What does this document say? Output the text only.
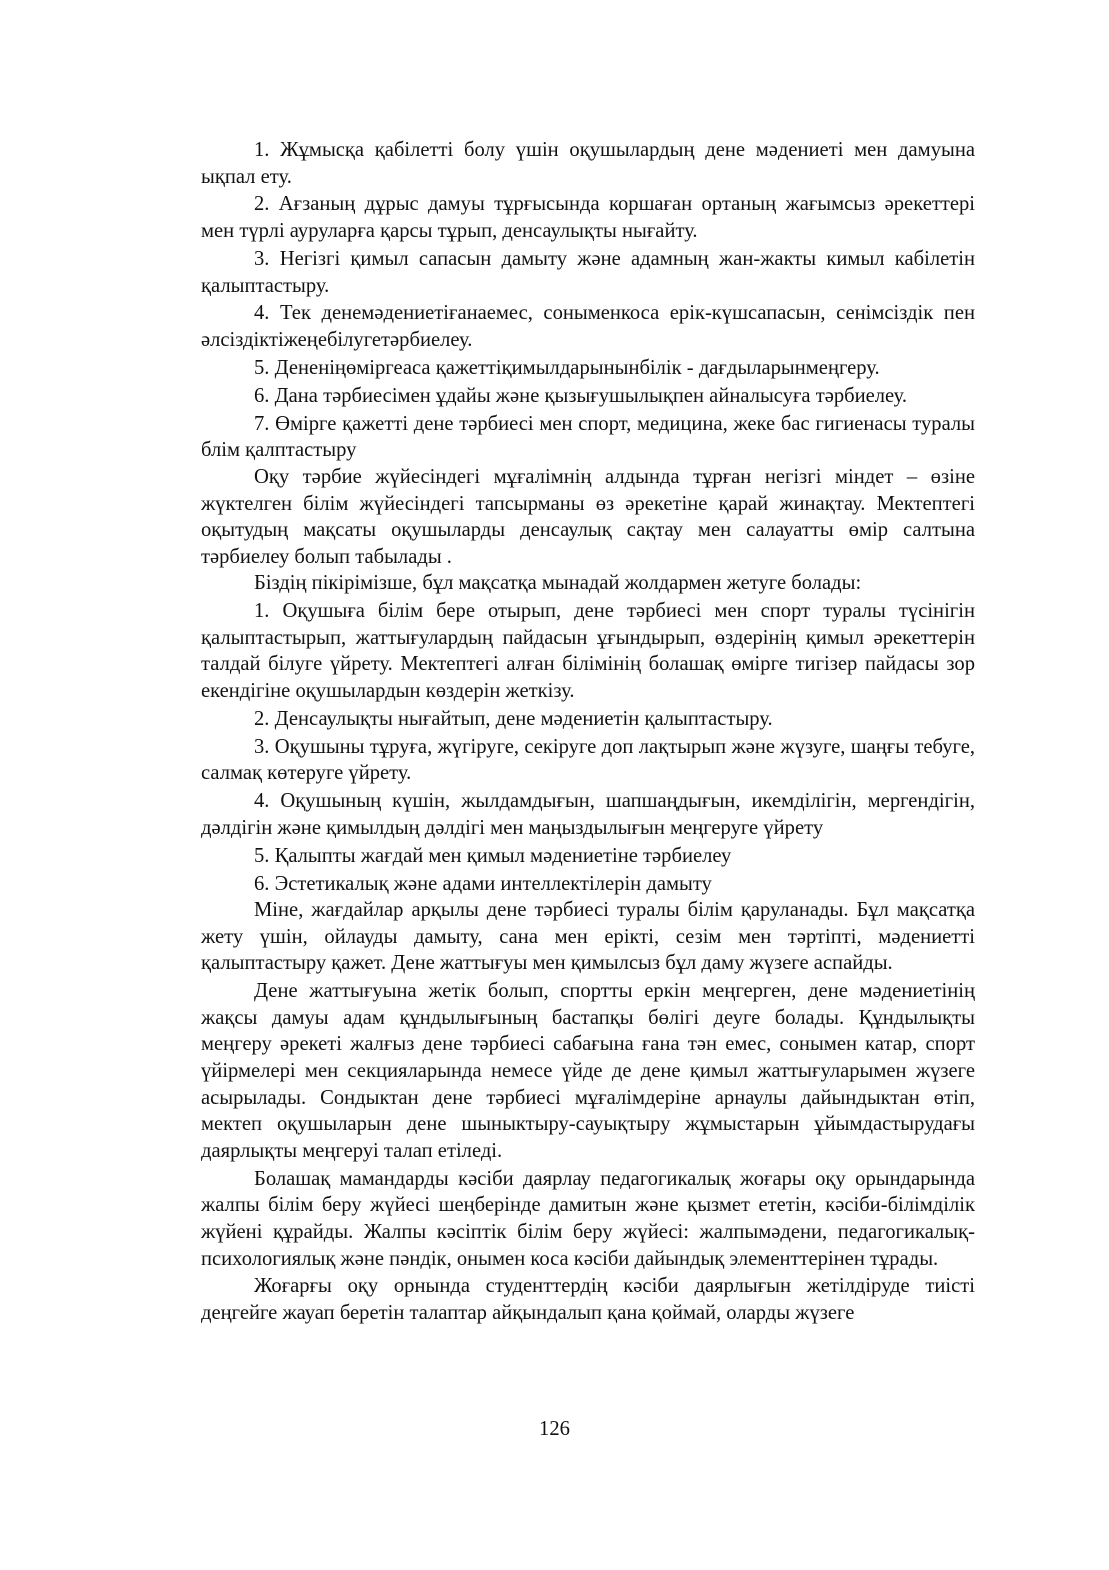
1. Жұмысқа қабілетті болу үшін оқушылардың дене мәдениеті мен дамуына ықпал ету.

2. Ағзаның дұрыс дамуы тұрғысында коршаған ортаның жағымсыз әрекеттері мен түрлі ауруларға қарсы тұрып, денсаулықты нығайту.

3. Негізгі қимыл сапасын дамыту және адамның жан-жакты кимыл кабілетін қалыптастыру.

4. Тек денемәдениетіғанаемес, сонымeнкоса ерік-күшсапасын, сенімсіздік пен әлсіздіктіжеңебілугетәрбиелеу.

5. Дененіңөмiргеаса қажеттіқимылдарынынбілік - дағдыларынмеңгеру.

6. Дана тәрбиесімен ұдайы және қызығушылықпен айналысуға тәрбиелеу.

7. Өмірге қажетті дене тәрбиесі мен спорт, медицина, жеке бас гигиенасы туралы блім қалптастыру

Оқу тәрбие жүйесіндегі мұғалімнің алдында тұрған негізгі міндет – өзіне жүктелген білім жүйесіндегі тапсырманы өз әрекетіне қарай жинақтау. Мектептегі оқытудың мақсаты оқушыларды денсаулық сақтау мен салауатты өмір салтына тәрбиелеу болып табылады .

Біздің пікірімізше, бұл мақсатқа мынадай жолдармен жетуге болады:

1. Оқушыға білім бере отырып, дене тәрбиесі мен спорт туралы түсінігін қалыптастырып, жаттығулардың пайдасын ұғындырып, өздерінің қимыл әрекеттерін талдай білуге үйрету. Мектептегі алған білімінің болашақ өмірге тигізер пайдасы зор екендігіне оқушылардын көздерін жеткізу.

2. Денсаулықты нығайтып, дене мәдениетін қалыптастыру.

3. Оқушыны тұруға, жүгіруге, секіруге доп лақтырып және жүзуге, шаңғы тебуге, салмақ көтеруге үйрету.

4. Оқушының күшін, жылдамдығын, шапшаңдығын, икемділігін, мергендігін, дәлдігін және қимылдың дәлдігі мен маңыздылығын меңгеруге үйрету

5. Қалыпты жағдай мен қимыл мәдениетіне тәрбиелеу

6. Эстетикалық және адами интеллектілерін дамыту

Міне, жағдайлар арқылы дене тәрбиесі туралы білім қаруланады. Бұл мақсатқа жету үшін, ойлауды дамыту, сана мен ерікті, сезім мен тәртіпті, мәдениетті қалыптастыру қажет. Дене жаттығуы мен қимылсыз бұл даму жүзеге аспайды.

Дене жаттығуына жетік болып, спортты еркін меңгерген, дене мәдениетінің жақсы дамуы адам құндылығының бастапқы бөлігі деуге болады. Құндылықты меңгеру әрекеті жалғыз дене тәрбиесі сабағына ғана тән емес, сонымен катар, спорт үйірмелері мен секцияларында немесе үйде де дене қимыл жаттығуларымен жүзеге асырылады. Сондыктан дене тәрбиесі мұғалімдеріне арнаулы дайындыктан өтіп, мектеп оқушыларын дене шыныктыру-сауықтыру жұмыстарын ұйымдастырудағы даярлықты меңгеруі талап етіледі.

Болашақ мамандарды кәсіби даярлау педагогикалық жоғары оқу орындарында жалпы білім беру жүйесі шеңберінде дамитын және қызмет ететін, кәсіби-білімділік жүйені құрайды. Жалпы кәсіптік білім беру жүйесі: жалпымәдени, педагогикалық-психологиялық және пәндік, онымен коса кәсіби дайындық элементтерінен тұрады.

Жоғарғы оқу орнында студенттердің кәсіби даярлығын жетілдіруде тиісті деңгейге жауап беретін талаптар айқындалып қана қоймай, оларды жүзеге

126
